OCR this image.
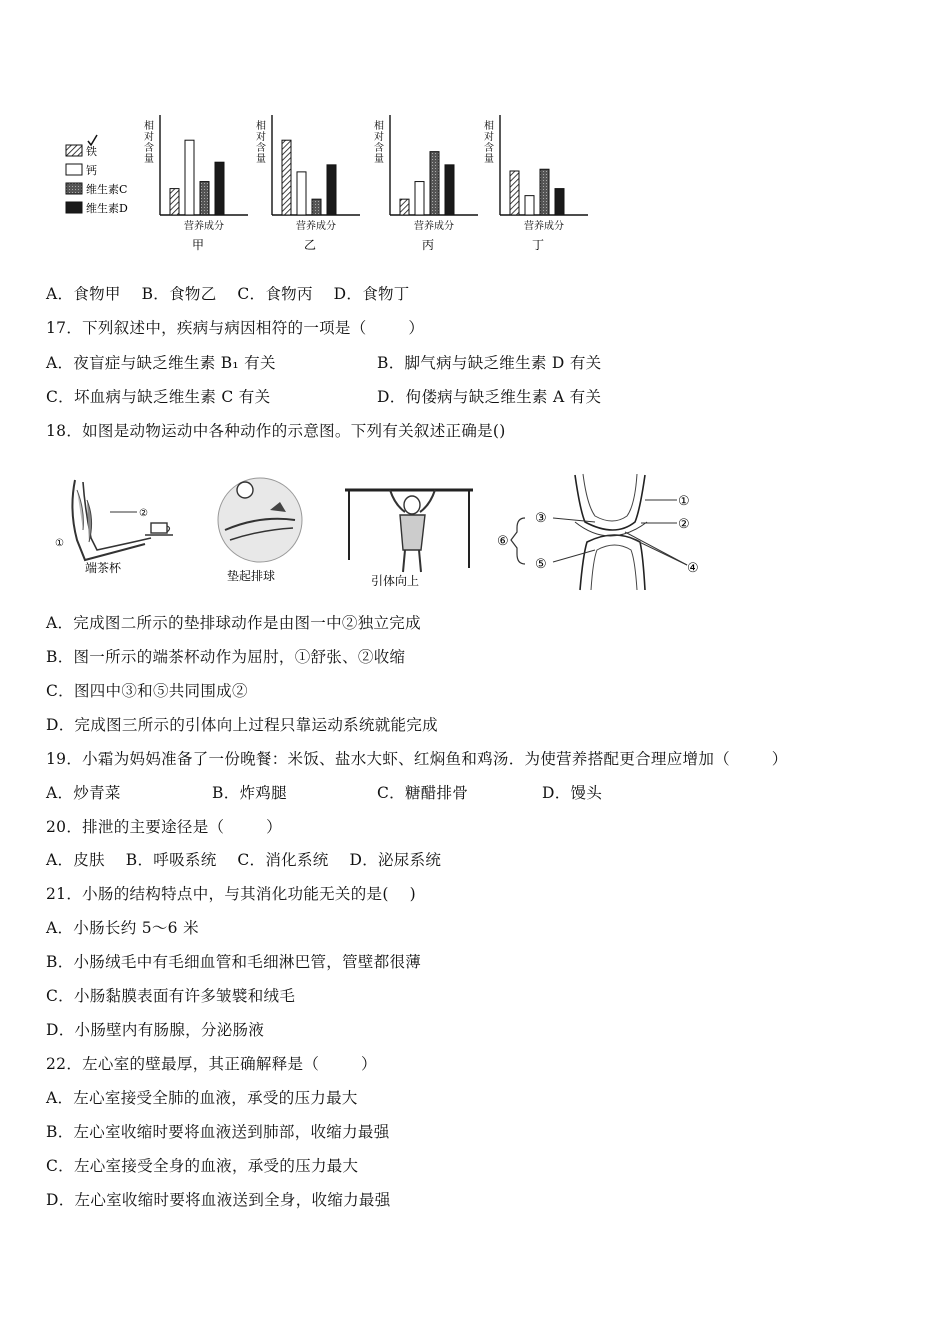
铁
钙
维生素C
维生素D
相
对
含
量
营养成分
甲
相
对
含
量
营养成分
乙
相
对
含
量
营养成分
丙
相
对
含
量
营养成分
丁
A．食物甲    B．食物乙    C．食物丙    D．食物丁
17．下列叙述中，疾病与病因相符的一项是（        ）
A．夜盲症与缺乏维生素 B₁ 有关	B．脚气病与缺乏维生素 D 有关
C．坏血病与缺乏维生素 C 有关	D．佝偻病与缺乏维生素 A 有关
18．如图是动物运动中各种动作的示意图。下列有关叙述正确是()
②
①
端茶杯
垫起排球	引体向上
①
②
③
④
⑤
⑥
A．完成图二所示的垫排球动作是由图一中②独立完成
B．图一所示的端茶杯动作为屈肘，①舒张、②收缩
C．图四中③和⑤共同围成②
D．完成图三所示的引体向上过程只靠运动系统就能完成
19．小霜为妈妈准备了一份晚餐：米饭、盐水大虾、红焖鱼和鸡汤．为使营养搭配更合理应增加（        ）
A．炒青菜	B．炸鸡腿	C．糖醋排骨	D．馒头
20．排泄的主要途径是（        ）
A．皮肤    B．呼吸系统    C．消化系统    D．泌尿系统
21．小肠的结构特点中，与其消化功能无关的是(    )
A．小肠长约 5～6 米
B．小肠绒毛中有毛细血管和毛细淋巴管，管壁都很薄
C．小肠黏膜表面有许多皱襞和绒毛
D．小肠壁内有肠腺，分泌肠液
22．左心室的壁最厚，其正确解释是（        ）
A．左心室接受全肺的血液，承受的压力最大
B．左心室收缩时要将血液送到肺部，收缩力最强
C．左心室接受全身的血液，承受的压力最大
D．左心室收缩时要将血液送到全身，收缩力最强
